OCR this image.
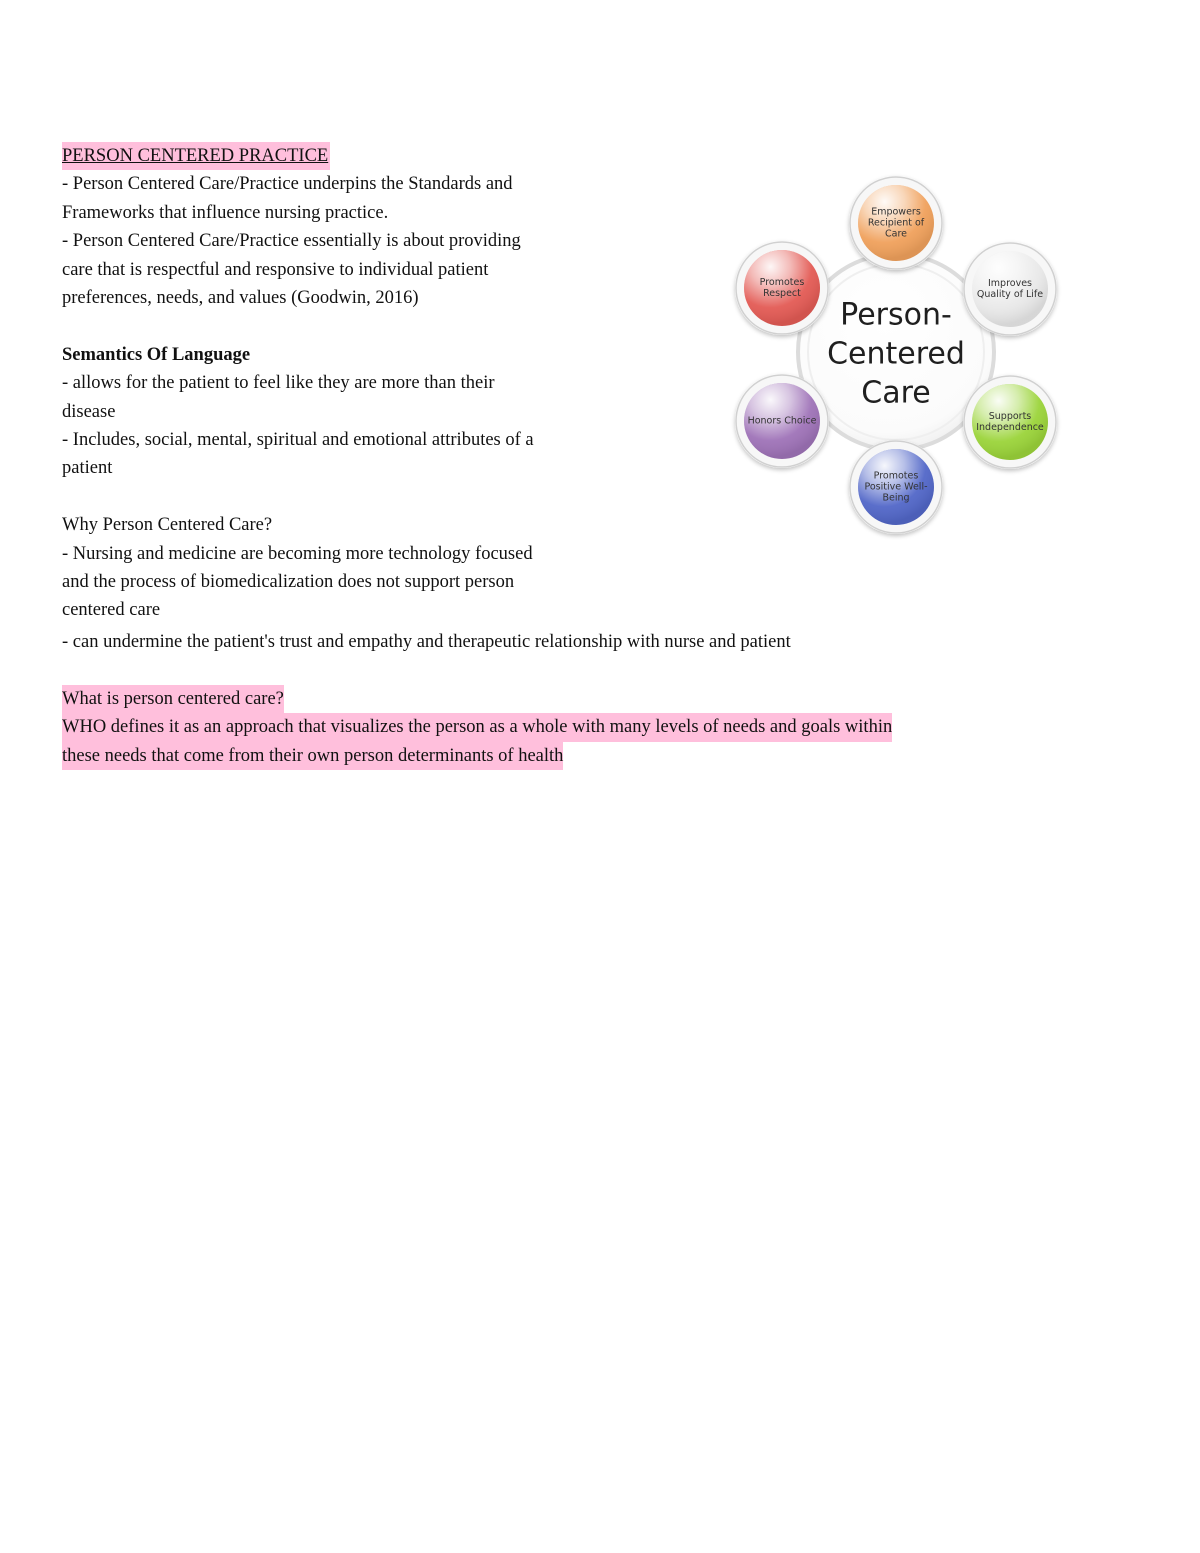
PERSON CENTERED PRACTICE
- Person Centered Care/Practice underpins the Standards and
Frameworks that influence nursing practice.
- Person Centered Care/Practice essentially is about providing
care that is respectful and responsive to individual patient
preferences, needs, and values (Goodwin, 2016)
Semantics Of Language
- allows for the patient to feel like they are more than their
disease
- Includes, social, mental, spiritual and emotional attributes of a
patient
Why Person Centered Care?
- Nursing and medicine are becoming more technology focused
and the process of biomedicalization does not support person
centered care
- can undermine the patient's trust and empathy and therapeutic relationship with nurse and patient
What is person centered care?
WHO defines it as an approach that visualizes the person as a whole with many levels of needs and goals within
these needs that come from their own person determinants of health
Empowers
Recipient of
Care
Improves
Quality of Life
Supports
Independence
Promotes
Positive Well-
Being
Honors Choice
Promotes
Respect
Person-
Centered
Care
